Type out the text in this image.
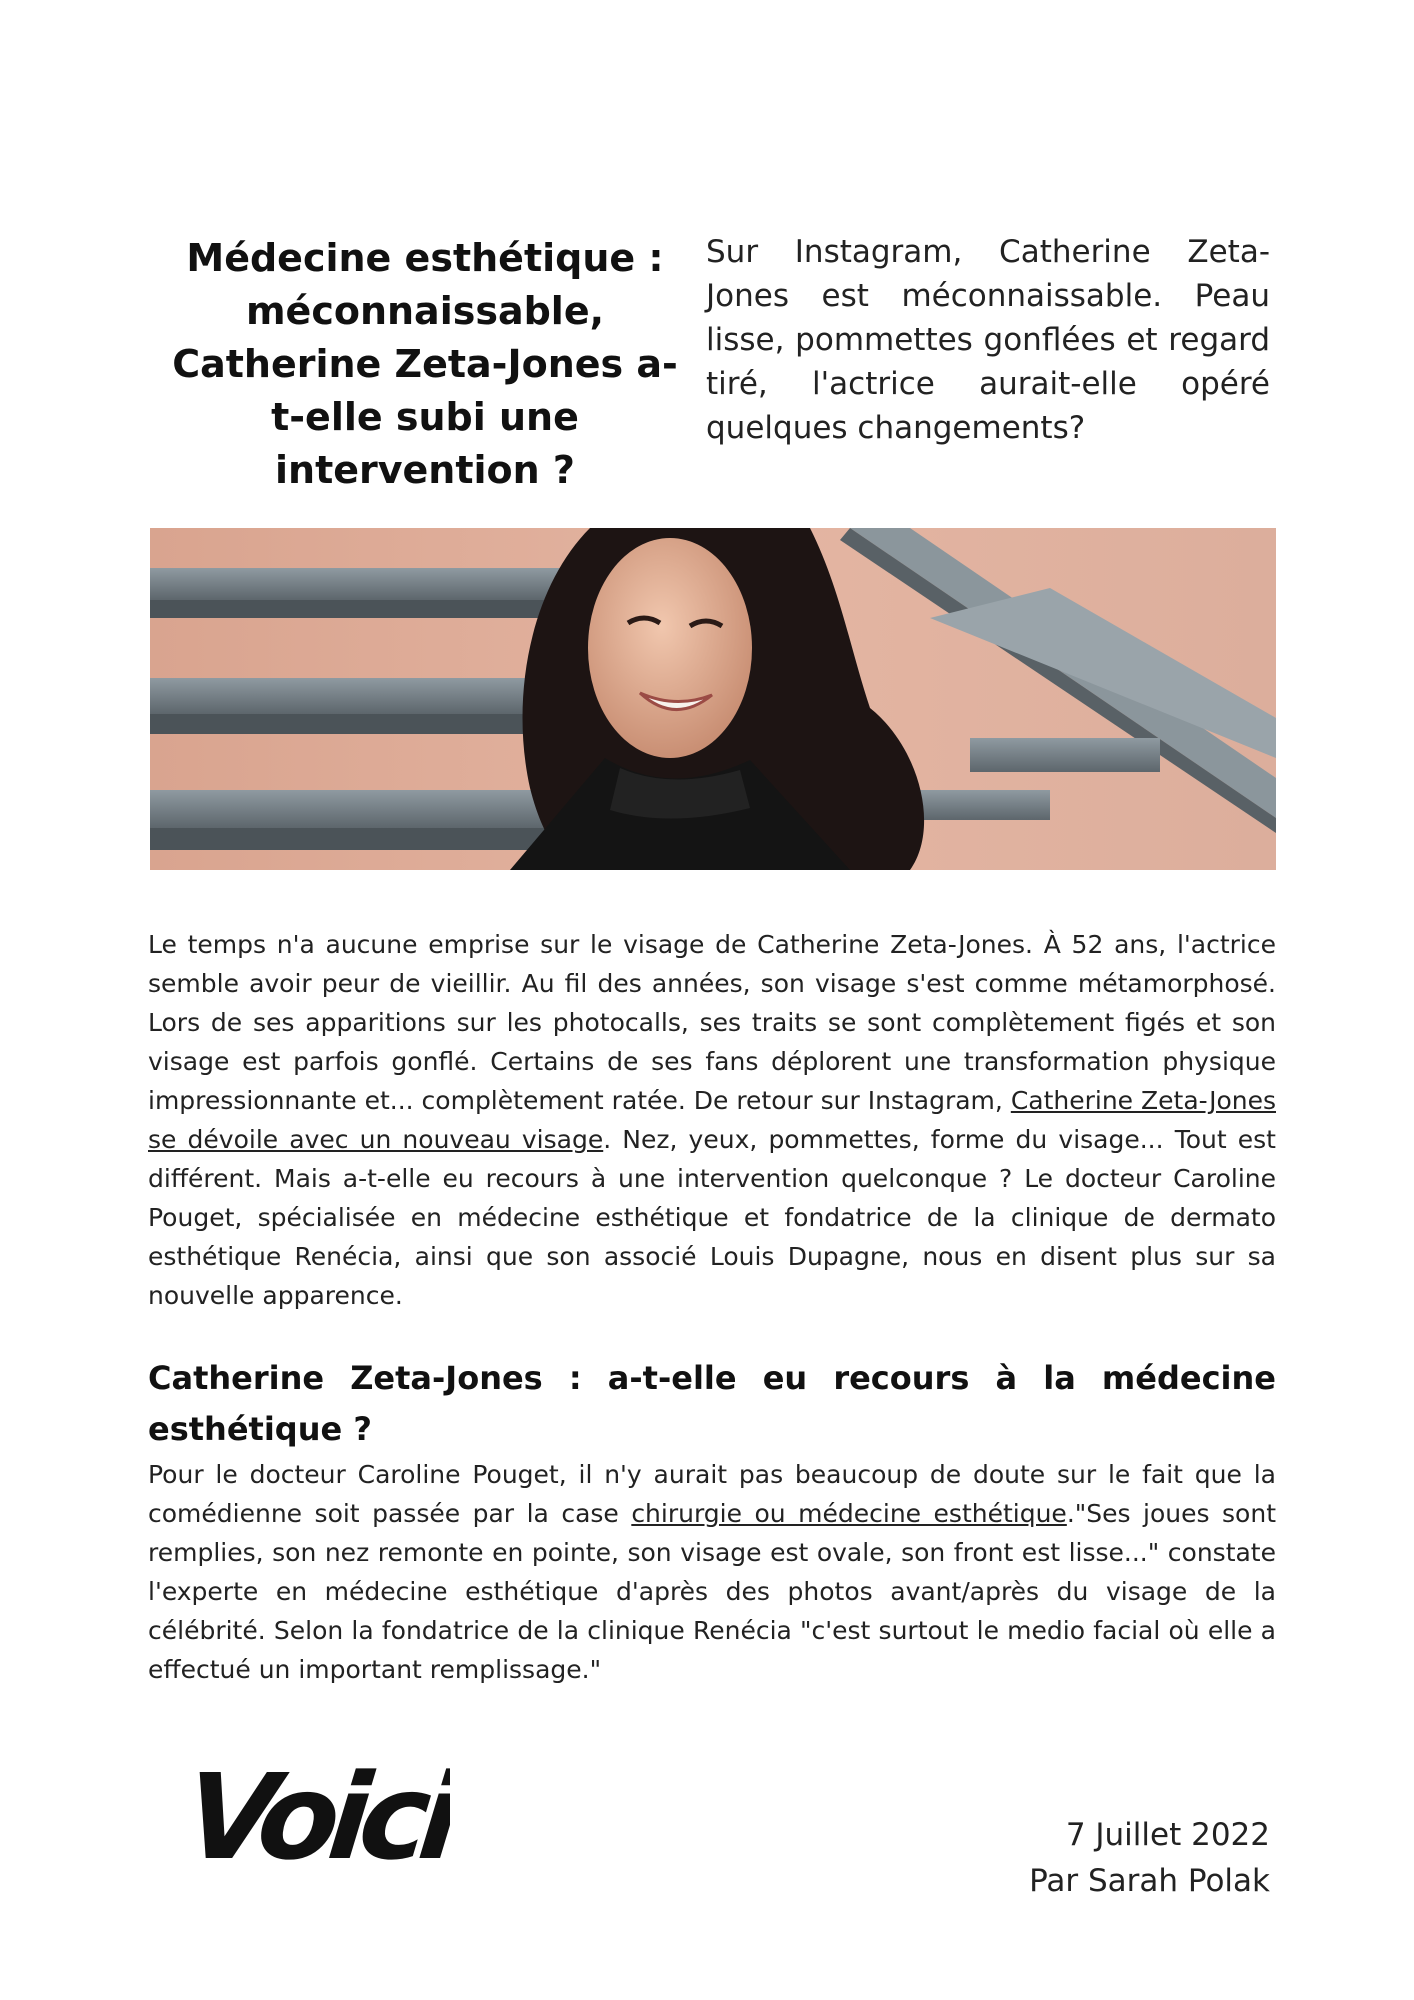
Médecine esthétique : méconnaissable, Catherine Zeta-Jones a-t-elle subi une intervention ?

Sur Instagram, Catherine Zeta-Jones est méconnaissable. Peau lisse, pommettes gonflées et regard tiré, l'actrice aurait-elle opéré quelques changements?

Le temps n'a aucune emprise sur le visage de Catherine Zeta-Jones. À 52 ans, l'actrice semble avoir peur de vieillir. Au fil des années, son visage s'est comme métamorphosé. Lors de ses apparitions sur les photocalls, ses traits se sont complètement figés et son visage est parfois gonflé. Certains de ses fans déplorent une transformation physique impressionnante et... complètement ratée. De retour sur Instagram, Catherine Zeta-Jones se dévoile avec un nouveau visage. Nez, yeux, pommettes, forme du visage... Tout est différent. Mais a-t-elle eu recours à une intervention quelconque ? Le docteur Caroline Pouget, spécialisée en médecine esthétique et fondatrice de la clinique de dermato esthétique Renécia, ainsi que son associé Louis Dupagne, nous en disent plus sur sa nouvelle apparence.

Catherine Zeta-Jones : a-t-elle eu recours à la médecine esthétique ?

Pour le docteur Caroline Pouget, il n'y aurait pas beaucoup de doute sur le fait que la comédienne soit passée par la case chirurgie ou médecine esthétique."Ses joues sont remplies, son nez remonte en pointe, son visage est ovale, son front est lisse..." constate l'experte en médecine esthétique d'après des photos avant/après du visage de la célébrité. Selon la fondatrice de la clinique Renécia "c'est surtout le medio facial où elle a effectué un important remplissage."

Voici	7 Juillet 2022
Par Sarah Polak
